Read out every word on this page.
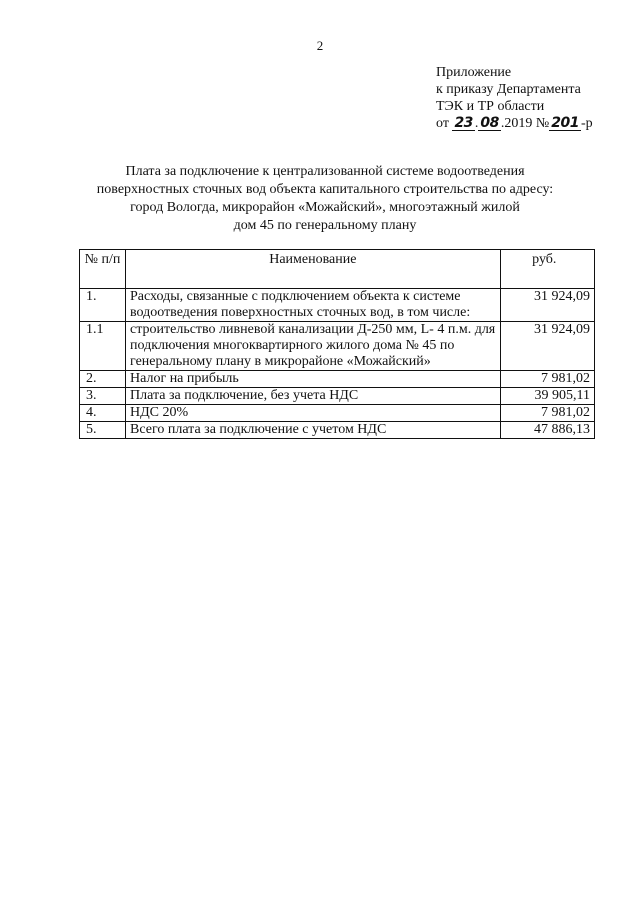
2
Приложение
к приказу Департамента
ТЭК и ТР области
от 23 . 08 .2019 № 201 -р
Плата за подключение к централизованной системе водоотведения
поверхностных сточных вод объекта капитального строительства по адресу:
город Вологда, микрорайон «Можайский», многоэтажный жилой
дом 45 по генеральному плану
№ п/п	Наименование	руб.
1.	Расходы, связанные с подключением объекта к системе водоотведения поверхностных сточных вод, в том числе:	31 924,09
1.1	строительство ливневой канализации Д-250 мм, L- 4 п.м. для подключения многоквартирного жилого дома № 45 по генеральному плану в микрорайоне «Можайский»	31 924,09
2.	Налог на прибыль	7 981,02
3.	Плата за подключение, без учета НДС	39 905,11
4.	НДС 20%	7 981,02
5.	Всего плата за подключение с учетом НДС	47 886,13
